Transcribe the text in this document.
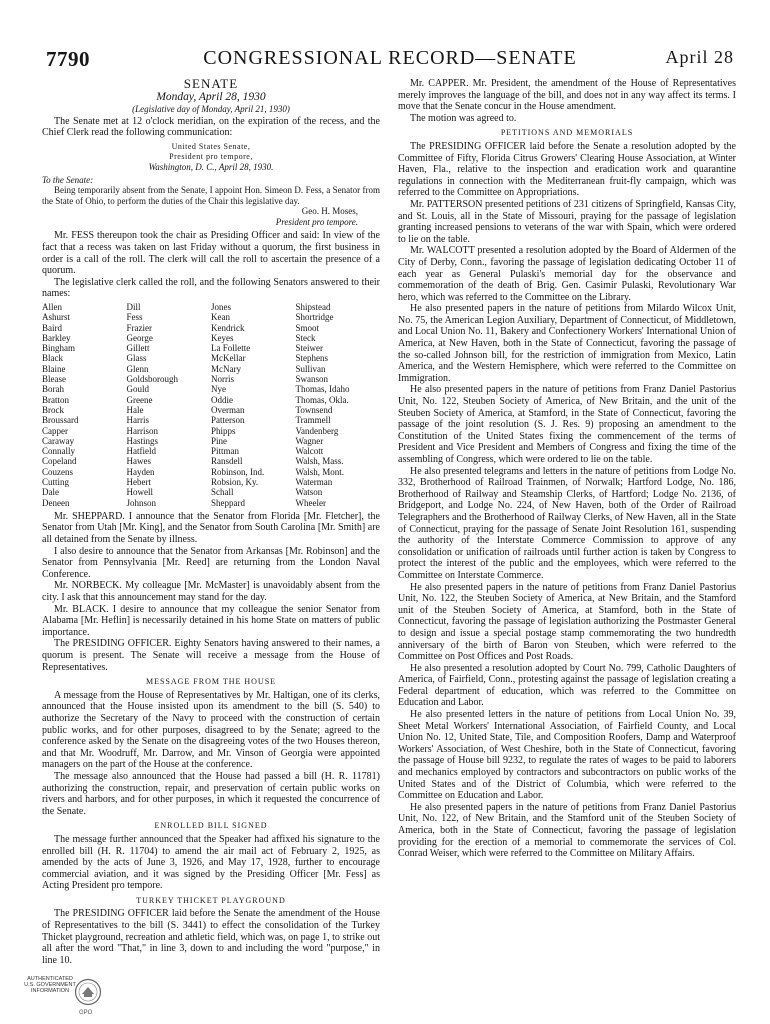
CONGRESSIONAL RECORD—SENATE
7790	April 28
SENATE
Monday, April 28, 1930
(Legislative day of Monday, April 21, 1930)

The Senate met at 12 o'clock meridian, on the expiration of the recess, and the Chief Clerk read the following communication:

United States Senate,
President pro tempore,
Washington, D. C., April 28, 1930.

To the Senate:

Being temporarily absent from the Senate, I appoint Hon. Simeon D. Fess, a Senator from the State of Ohio, to perform the duties of the Chair this legislative day.

Geo. H. Moses,
President pro tempore.

Mr. FESS thereupon took the chair as Presiding Officer and said: In view of the fact that a recess was taken on last Friday without a quorum, the first business in order is a call of the roll. The clerk will call the roll to ascertain the presence of a quorum.

The legislative clerk called the roll, and the following Senators answered to their names:

Allen
Ashurst
Baird
Barkley
Bingham
Black
Blaine
Blease
Borah
Bratton
Brock
Broussard
Capper
Caraway
Connally
Copeland
Couzens
Cutting
Dale
Deneen
Dill
Fess
Frazier
George
Gillett
Glass
Glenn
Goldsborough
Gould
Greene
Hale
Harris
Harrison
Hastings
Hatfield
Hawes
Hayden
Hebert
Howell
Johnson
Jones
Kean
Kendrick
Keyes
La Follette
McKellar
McNary
Norris
Nye
Oddie
Overman
Patterson
Phipps
Pine
Pittman
Ransdell
Robinson, Ind.
Robsion, Ky.
Schall
Sheppard
Shipstead
Shortridge
Smoot
Steck
Steiwer
Stephens
Sullivan
Swanson
Thomas, Idaho
Thomas, Okla.
Townsend
Trammell
Vandenberg
Wagner
Walcott
Walsh, Mass.
Walsh, Mont.
Waterman
Watson
Wheeler

Mr. SHEPPARD. I announce that the Senator from Florida [Mr. Fletcher], the Senator from Utah [Mr. King], and the Senator from South Carolina [Mr. Smith] are all detained from the Senate by illness.

I also desire to announce that the Senator from Arkansas [Mr. Robinson] and the Senator from Pennsylvania [Mr. Reed] are returning from the London Naval Conference.

Mr. NORBECK. My colleague [Mr. McMaster] is unavoidably absent from the city. I ask that this announcement may stand for the day.

Mr. BLACK. I desire to announce that my colleague the senior Senator from Alabama [Mr. Heflin] is necessarily detained in his home State on matters of public importance.

The PRESIDING OFFICER. Eighty Senators having answered to their names, a quorum is present. The Senate will receive a message from the House of Representatives.

MESSAGE FROM THE HOUSE

A message from the House of Representatives by Mr. Haltigan, one of its clerks, announced that the House insisted upon its amendment to the bill (S. 540) to authorize the Secretary of the Navy to proceed with the construction of certain public works, and for other purposes, disagreed to by the Senate; agreed to the conference asked by the Senate on the disagreeing votes of the two Houses thereon, and that Mr. Woodruff, Mr. Darrow, and Mr. Vinson of Georgia were appointed managers on the part of the House at the conference.

The message also announced that the House had passed a bill (H. R. 11781) authorizing the construction, repair, and preservation of certain public works on rivers and harbors, and for other purposes, in which it requested the concurrence of the Senate.

ENROLLED BILL SIGNED

The message further announced that the Speaker had affixed his signature to the enrolled bill (H. R. 11704) to amend the air mail act of February 2, 1925, as amended by the acts of June 3, 1926, and May 17, 1928, further to encourage commercial aviation, and it was signed by the Presiding Officer [Mr. Fess] as Acting President pro tempore.

TURKEY THICKET PLAYGROUND

The PRESIDING OFFICER laid before the Senate the amendment of the House of Representatives to the bill (S. 3441) to effect the consolidation of the Turkey Thicket playground, recreation and athletic field, which was, on page 1, to strike out all after the word "That," in line 3, down to and including the word "purpose," in line 10.

Mr. CAPPER. Mr. President, the amendment of the House of Representatives merely improves the language of the bill, and does not in any way affect its terms. I move that the Senate concur in the House amendment.

The motion was agreed to.

PETITIONS AND MEMORIALS

The PRESIDING OFFICER laid before the Senate a resolution adopted by the Committee of Fifty, Florida Citrus Growers' Clearing House Association, at Winter Haven, Fla., relative to the inspection and eradication work and quarantine regulations in connection with the Mediterranean fruit-fly campaign, which was referred to the Committee on Appropriations.

Mr. PATTERSON presented petitions of 231 citizens of Springfield, Kansas City, and St. Louis, all in the State of Missouri, praying for the passage of legislation granting increased pensions to veterans of the war with Spain, which were ordered to lie on the table.

Mr. WALCOTT presented a resolution adopted by the Board of Aldermen of the City of Derby, Conn., favoring the passage of legislation dedicating October 11 of each year as General Pulaski's memorial day for the observance and commemoration of the death of Brig. Gen. Casimir Pulaski, Revolutionary War hero, which was referred to the Committee on the Library.

He also presented papers in the nature of petitions from Milardo Wilcox Unit, No. 75, the American Legion Auxiliary, Department of Connecticut, of Middletown, and Local Union No. 11, Bakery and Confectionery Workers' International Union of America, at New Haven, both in the State of Connecticut, favoring the passage of the so-called Johnson bill, for the restriction of immigration from Mexico, Latin America, and the Western Hemisphere, which were referred to the Committee on Immigration.

He also presented papers in the nature of petitions from Franz Daniel Pastorius Unit, No. 122, Steuben Society of America, of New Britain, and the unit of the Steuben Society of America, at Stamford, in the State of Connecticut, favoring the passage of the joint resolution (S. J. Res. 9) proposing an amendment to the Constitution of the United States fixing the commencement of the terms of President and Vice President and Members of Congress and fixing the time of the assembling of Congress, which were ordered to lie on the table.

He also presented telegrams and letters in the nature of petitions from Lodge No. 332, Brotherhood of Railroad Trainmen, of Norwalk; Hartford Lodge, No. 186, Brotherhood of Railway and Steamship Clerks, of Hartford; Lodge No. 2136, of Bridgeport, and Lodge No. 224, of New Haven, both of the Order of Railroad Telegraphers and the Brotherhood of Railway Clerks, of New Haven, all in the State of Connecticut, praying for the passage of Senate Joint Resolution 161, suspending the authority of the Interstate Commerce Commission to approve of any consolidation or unification of railroads until further action is taken by Congress to protect the interest of the public and the employees, which were referred to the Committee on Interstate Commerce.

He also presented papers in the nature of petitions from Franz Daniel Pastorius Unit, No. 122, the Steuben Society of America, at New Britain, and the Stamford unit of the Steuben Society of America, at Stamford, both in the State of Connecticut, favoring the passage of legislation authorizing the Postmaster General to design and issue a special postage stamp commemorating the two hundredth anniversary of the birth of Baron von Steuben, which were referred to the Committee on Post Offices and Post Roads.

He also presented a resolution adopted by Court No. 799, Catholic Daughters of America, of Fairfield, Conn., protesting against the passage of legislation creating a Federal department of education, which was referred to the Committee on Education and Labor.

He also presented letters in the nature of petitions from Local Union No. 39, Sheet Metal Workers' International Association, of Fairfield County, and Local Union No. 12, United State, Tile, and Composition Roofers, Damp and Waterproof Workers' Association, of West Cheshire, both in the State of Connecticut, favoring the passage of House bill 9232, to regulate the rates of wages to be paid to laborers and mechanics employed by contractors and subcontractors on public works of the United States and of the District of Columbia, which were referred to the Committee on Education and Labor.

He also presented papers in the nature of petitions from Franz Daniel Pastorius Unit, No. 122, of New Britain, and the Stamford unit of the Steuben Society of America, both in the State of Connecticut, favoring the passage of legislation providing for the erection of a memorial to commemorate the services of Col. Conrad Weiser, which were referred to the Committee on Military Affairs.

AUTHENTICATED
U.S. GOVERNMENT
INFORMATION
GPO
